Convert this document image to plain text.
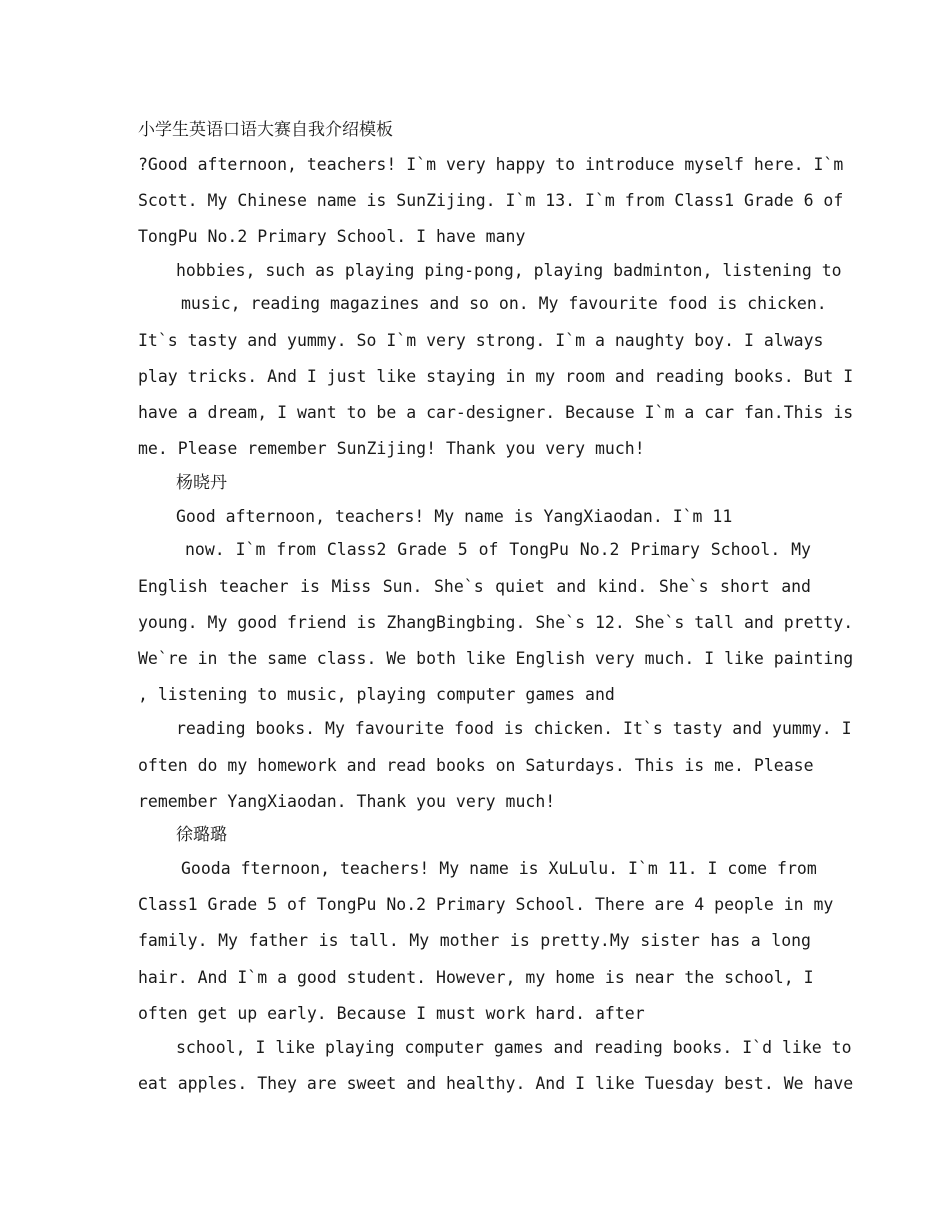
小学生英语口语大赛自我介绍模板
?Good afternoon, teachers! I`m very happy to introduce myself here. I`m
Scott. My Chinese name is SunZijing. I`m 13. I`m from Class1 Grade 6 of
TongPu No.2 Primary School. I have many
hobbies, such as playing ping-pong, playing badminton, listening to
music, reading magazines and so on. My favourite food is chicken.
It`s tasty and yummy. So I`m very strong. I`m a naughty boy. I always
play tricks. And I just like staying in my room and reading books. But I
have a dream, I want to be a car-designer. Because I`m a car fan.This is
me. Please remember SunZijing! Thank you very much!
杨晓丹
Good afternoon, teachers! My name is YangXiaodan. I`m 11
now. I`m from Class2 Grade 5 of TongPu No.2 Primary School. My
English teacher is Miss Sun. She`s quiet and kind. She`s short and
young. My good friend is ZhangBingbing. She`s 12. She`s tall and pretty.
We`re in the same class. We both like English very much. I like painting
, listening to music, playing computer games and
reading books. My favourite food is chicken. It`s tasty and yummy. I
often do my homework and read books on Saturdays. This is me. Please
remember YangXiaodan. Thank you very much!
徐璐璐
Gooda fternoon, teachers! My name is XuLulu. I`m 11. I come from
Class1 Grade 5 of TongPu No.2 Primary School. There are 4 people in my
family. My father is tall. My mother is pretty.My sister has a long
hair. And I`m a good student. However, my home is near the school, I
often get up early. Because I must work hard. after
school, I like playing computer games and reading books. I`d like to
eat apples. They are sweet and healthy. And I like Tuesday best. We have
